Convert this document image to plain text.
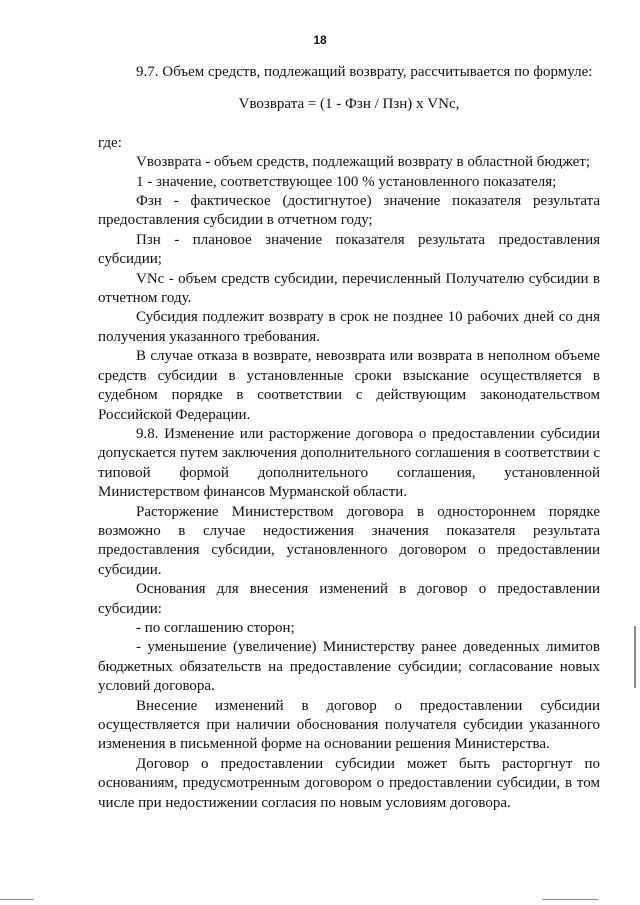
18

9.7. Объем средств, подлежащий возврату, рассчитывается по формуле:

Vвозврата = (1 - Фзн / Пзн) х VNc,

где:

Vвозврата - объем средств, подлежащий возврату в областной бюджет;

1 - значение, соответствующее 100 % установленного показателя;

Фзн - фактическое (достигнутое) значение показателя результата предоставления субсидии в отчетном году;

Пзн - плановое значение показателя результата предоставления субсидии;

VNc - объем средств субсидии, перечисленный Получателю субсидии в отчетном году.

Субсидия подлежит возврату в срок не позднее 10 рабочих дней со дня получения указанного требования.

В случае отказа в возврате, невозврата или возврата в неполном объеме средств субсидии в установленные сроки взыскание осуществляется в судебном порядке в соответствии с действующим законодательством Российской Федерации.

9.8. Изменение или расторжение договора о предоставлении субсидии допускается путем заключения дополнительного соглашения в соответствии с типовой формой дополнительного соглашения, установленной Министерством финансов Мурманской области.

Расторжение Министерством договора в одностороннем порядке возможно в случае недостижения значения показателя результата предоставления субсидии, установленного договором о предоставлении субсидии.

Основания для внесения изменений в договор о предоставлении субсидии:

- по соглашению сторон;

- уменьшение (увеличение) Министерству ранее доведенных лимитов бюджетных обязательств на предоставление субсидии; согласование новых условий договора.

Внесение изменений в договор о предоставлении субсидии осуществляется при наличии обоснования получателя субсидии указанного изменения в письменной форме на основании решения Министерства.

Договор о предоставлении субсидии может быть расторгнут по основаниям, предусмотренным договором о предоставлении субсидии, в том числе при недостижении согласия по новым условиям договора.
